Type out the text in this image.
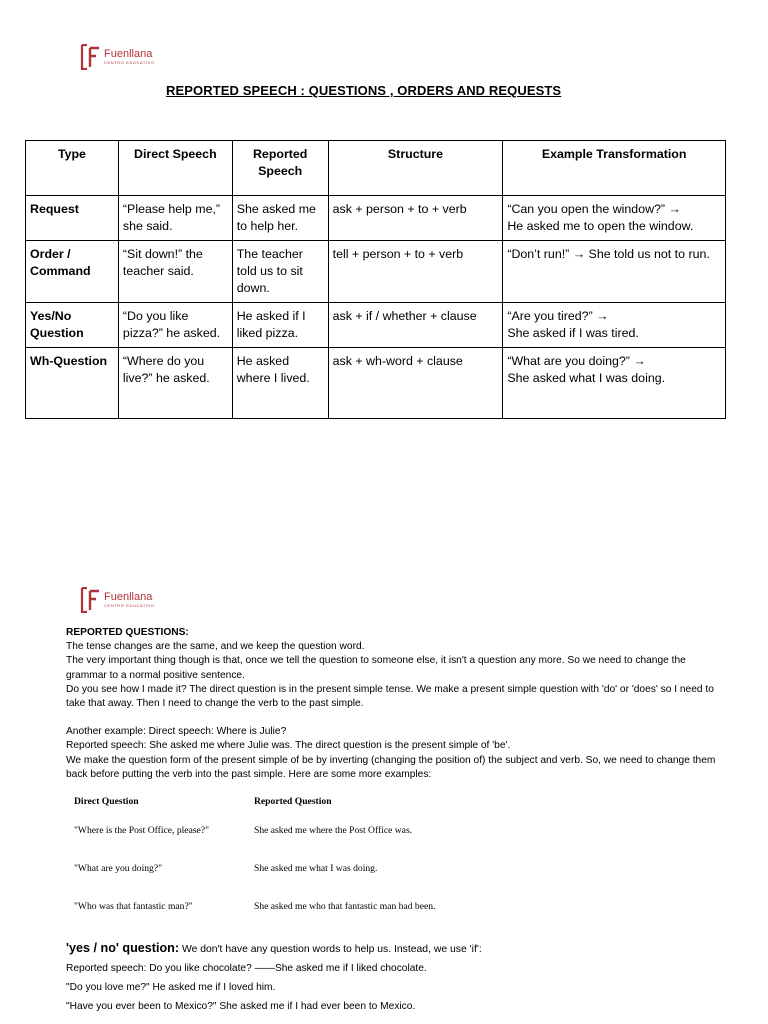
Fuenllana
CENTRO EDUCATIVO
REPORTED SPEECH : QUESTIONS , ORDERS AND REQUESTS
Type	Direct Speech	Reported Speech	Structure	Example Transformation
Request	“Please help me,” she said.	She asked me to help her.	ask + person + to + verb	“Can you open the window?” →
He asked me to open the window.

Order / Command	“Sit down!” the teacher said.	The teacher told us to sit down.	tell + person + to + verb	“Don’t run!” → She told us not to run.

Yes/No Question	“Do you like pizza?” he asked.	He asked if I liked pizza.	ask + if / whether + clause	“Are you tired?” →
She asked if I was tired.

Wh-Question	“Where do you live?” he asked.	He asked where I lived.	ask + wh-word + clause	“What are you doing?” →
She asked what I was doing.
Fuenllana
CENTRO EDUCATIVO

REPORTED QUESTIONS:

The tense changes are the same, and we keep the question word.

The very important thing though is that, once we tell the question to someone else, it isn't a question any more. So we need to change the grammar to a normal positive sentence.

Do you see how I made it? The direct question is in the present simple tense. We make a present simple question with 'do' or 'does' so I need to take that away. Then I need to change the verb to the past simple.

Another example: Direct speech: Where is Julie?

Reported speech: She asked me where Julie was. The direct question is the present simple of 'be'.

We make the question form of the present simple of be by inverting (changing the position of) the subject and verb. So, we need to change them back before putting the verb into the past simple. Here are some more examples:

Direct Question	Reported Question
"Where is the Post Office, please?"	She asked me where the Post Office was.
"What are you doing?"	She asked me what I was doing.
"Who was that fantastic man?"	She asked me who that fantastic man had been.

'yes / no' question: We don't have any question words to help us. Instead, we use 'if':

Reported speech: Do you like chocolate? ——She asked me if I liked chocolate.

"Do you love me?" He asked me if I loved him.

"Have you ever been to Mexico?" She asked me if I had ever been to Mexico.
